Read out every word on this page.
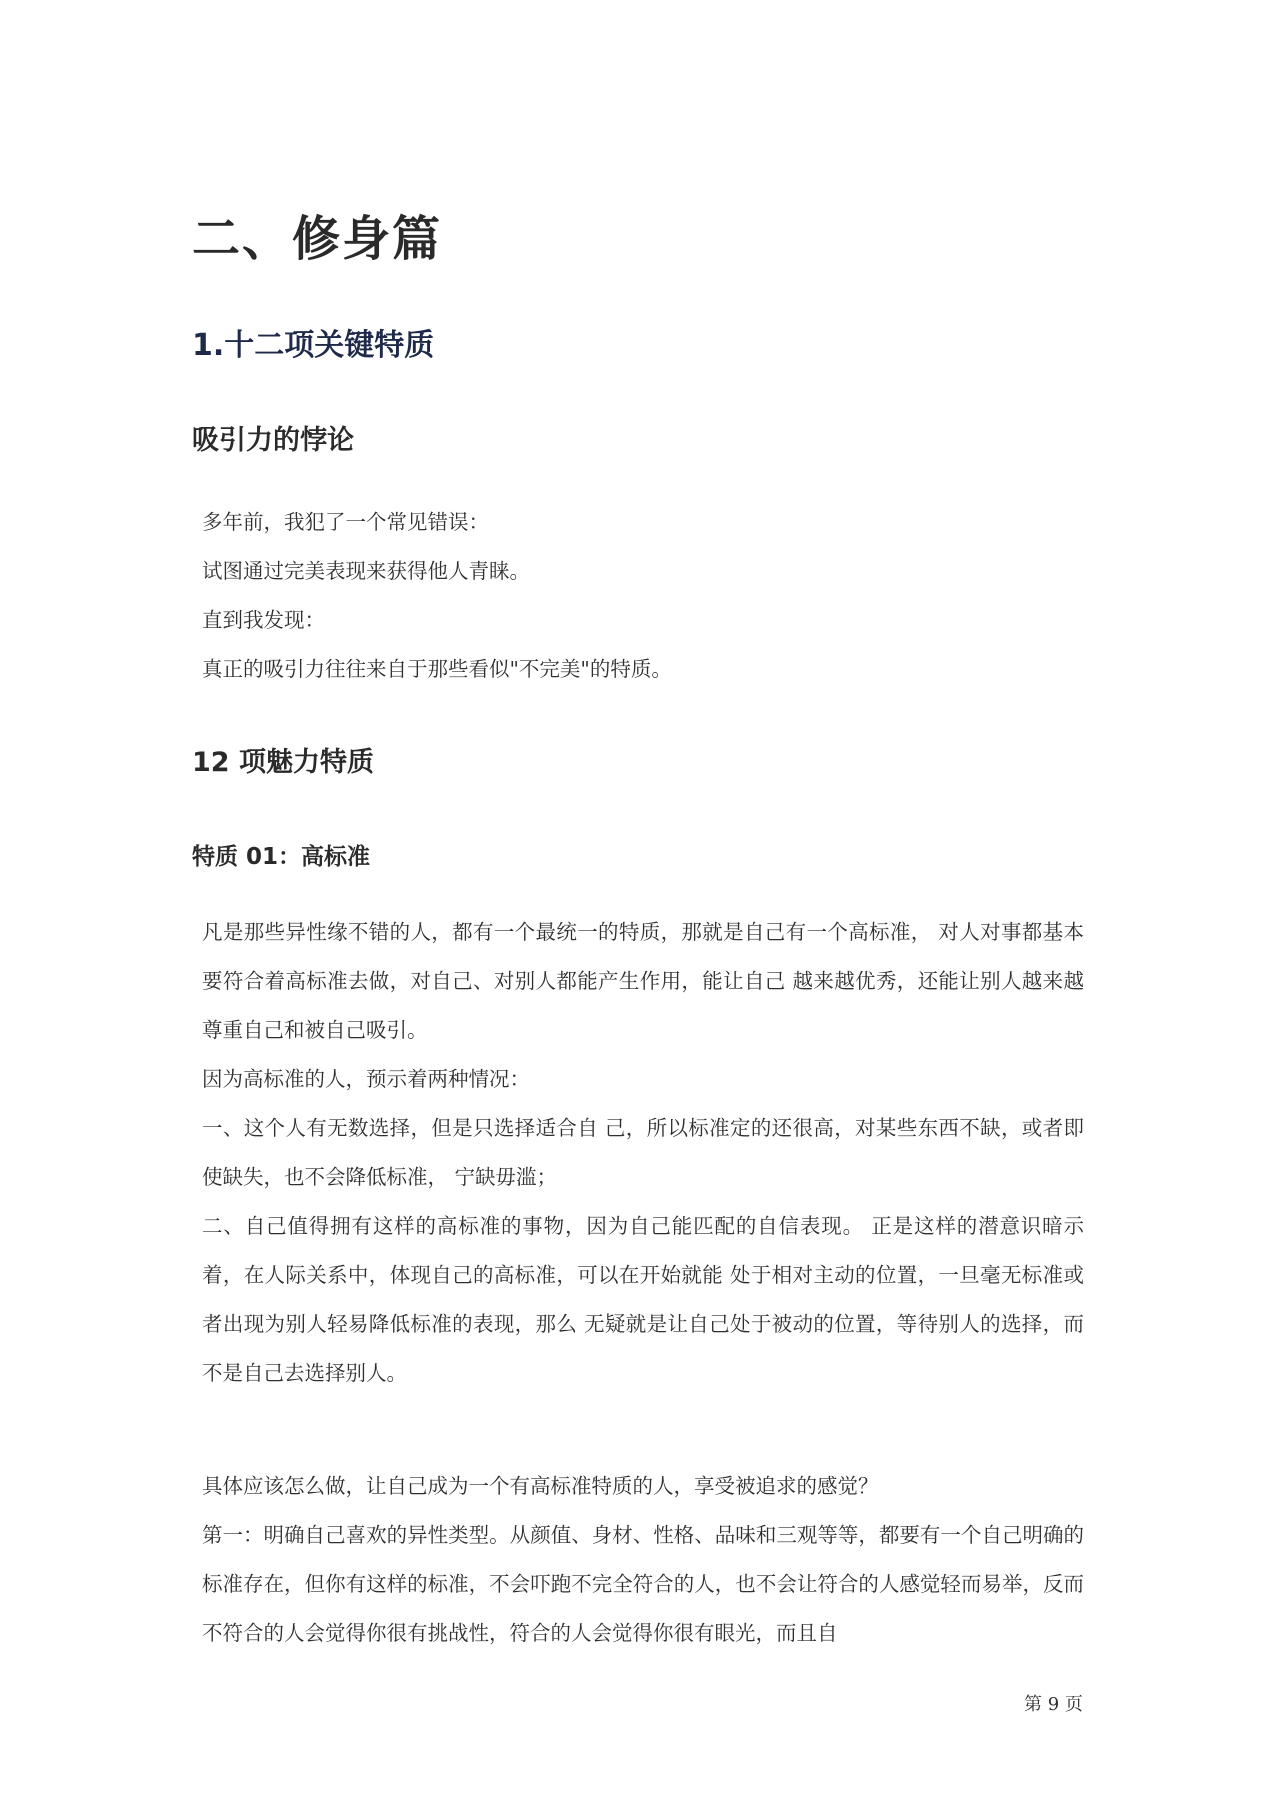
二、修身篇
1.十二项关键特质
吸引力的悖论

多年前，我犯了一个常见错误：

试图通过完美表现来获得他人青睐。

直到我发现：

真正的吸引力往往来自于那些看似"不完美"的特质。

12 项魅力特质
特质 01：高标准

凡是那些异性缘不错的人，都有一个最统一的特质，那就是自己有一个高标准， 对人对事都基本要符合着高标准去做，对自己、对别人都能产生作用，能让自己 越来越优秀，还能让别人越来越尊重自己和被自己吸引。

因为高标准的人，预示着两种情况：

一、这个人有无数选择，但是只选择适合自 己，所以标准定的还很高，对某些东西不缺，或者即使缺失，也不会降低标准， 宁缺毋滥；

二、自己值得拥有这样的高标准的事物，因为自己能匹配的自信表现。 正是这样的潜意识暗示着，在人际关系中，体现自己的高标准，可以在开始就能 处于相对主动的位置，一旦毫无标准或者出现为别人轻易降低标准的表现，那么 无疑就是让自己处于被动的位置，等待别人的选择，而不是自己去选择别人。

具体应该怎么做，让自己成为一个有高标准特质的人，享受被追求的感觉？

第一：明确自己喜欢的异性类型。从颜值、身材、性格、品味和三观等等，都要有一个自己明确的标准存在，但你有这样的标准，不会吓跑不完全符合的人，也不会让符合的人感觉轻而易举，反而不符合的人会觉得你很有挑战性，符合的人会觉得你很有眼光，而且自

第 9 页
